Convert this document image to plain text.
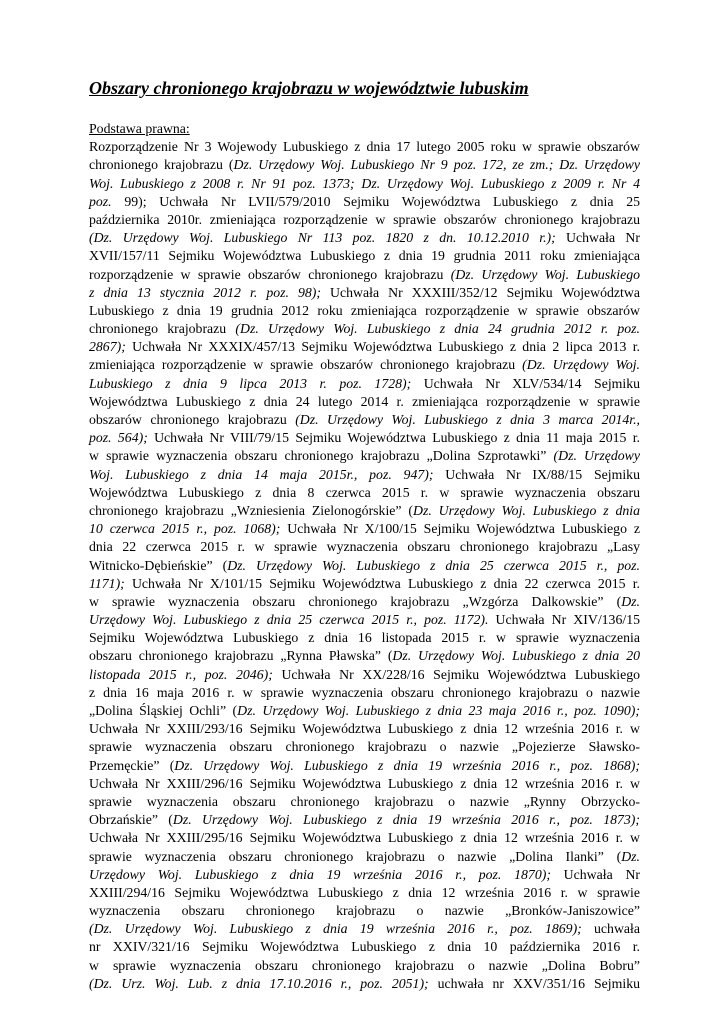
Obszary chronionego krajobrazu w województwie lubuskim
Podstawa prawna:
Rozporządzenie Nr 3 Wojewody Lubuskiego z dnia 17 lutego 2005 roku w sprawie obszarów
chronionego krajobrazu (Dz. Urzędowy Woj. Lubuskiego Nr 9 poz. 172, ze zm.; Dz. Urzędowy
Woj. Lubuskiego z 2008 r. Nr 91 poz. 1373; Dz. Urzędowy Woj. Lubuskiego z 2009 r. Nr 4
poz. 99); Uchwała Nr LVII/579/2010 Sejmiku Województwa Lubuskiego z dnia 25
października 2010r. zmieniająca rozporządzenie w sprawie obszarów chronionego krajobrazu
(Dz. Urzędowy Woj. Lubuskiego Nr 113 poz. 1820 z dn. 10.12.2010 r.); Uchwała Nr
XVII/157/11 Sejmiku Województwa Lubuskiego z dnia 19 grudnia 2011 roku zmieniająca
rozporządzenie w sprawie obszarów chronionego krajobrazu (Dz. Urzędowy Woj. Lubuskiego
z dnia 13 stycznia 2012 r. poz. 98); Uchwała Nr XXXIII/352/12 Sejmiku Województwa
Lubuskiego z dnia 19 grudnia 2012 roku zmieniająca rozporządzenie w sprawie obszarów
chronionego krajobrazu (Dz. Urzędowy Woj. Lubuskiego z dnia 24 grudnia 2012 r. poz.
2867); Uchwała Nr XXXIX/457/13 Sejmiku Województwa Lubuskiego z dnia 2 lipca 2013 r.
zmieniająca rozporządzenie w sprawie obszarów chronionego krajobrazu (Dz. Urzędowy Woj.
Lubuskiego z dnia 9 lipca 2013 r. poz. 1728); Uchwała Nr XLV/534/14 Sejmiku
Województwa Lubuskiego z dnia 24 lutego 2014 r. zmieniająca rozporządzenie w sprawie
obszarów chronionego krajobrazu (Dz. Urzędowy Woj. Lubuskiego z dnia 3 marca 2014r.,
poz. 564); Uchwała Nr VIII/79/15 Sejmiku Województwa Lubuskiego z dnia 11 maja 2015 r.
w sprawie wyznaczenia obszaru chronionego krajobrazu „Dolina Szprotawki” (Dz. Urzędowy
Woj. Lubuskiego z dnia 14 maja 2015r., poz. 947); Uchwała Nr IX/88/15 Sejmiku
Województwa Lubuskiego z dnia 8 czerwca 2015 r. w sprawie wyznaczenia obszaru
chronionego krajobrazu „Wzniesienia Zielonogórskie” (Dz. Urzędowy Woj. Lubuskiego z dnia
10 czerwca 2015 r., poz. 1068); Uchwała Nr X/100/15 Sejmiku Województwa Lubuskiego z
dnia 22 czerwca 2015 r. w sprawie wyznaczenia obszaru chronionego krajobrazu „Lasy
Witnicko-Dębieńskie” (Dz. Urzędowy Woj. Lubuskiego z dnia 25 czerwca 2015 r., poz.
1171); Uchwała Nr X/101/15 Sejmiku Województwa Lubuskiego z dnia 22 czerwca 2015 r.
w sprawie wyznaczenia obszaru chronionego krajobrazu „Wzgórza Dalkowskie” (Dz.
Urzędowy Woj. Lubuskiego z dnia 25 czerwca 2015 r., poz. 1172). Uchwała Nr XIV/136/15
Sejmiku Województwa Lubuskiego z dnia 16 listopada 2015 r. w sprawie wyznaczenia
obszaru chronionego krajobrazu „Rynna Pławska” (Dz. Urzędowy Woj. Lubuskiego z dnia 20
listopada 2015 r., poz. 2046); Uchwała Nr XX/228/16 Sejmiku Województwa Lubuskiego
z dnia 16 maja 2016 r. w sprawie wyznaczenia obszaru chronionego krajobrazu o nazwie
„Dolina Śląskiej Ochli” (Dz. Urzędowy Woj. Lubuskiego z dnia 23 maja 2016 r., poz. 1090);
Uchwała Nr XXIII/293/16 Sejmiku Województwa Lubuskiego z dnia 12 września 2016 r. w
sprawie wyznaczenia obszaru chronionego krajobrazu o nazwie „Pojezierze Sławsko-
Przemęckie” (Dz. Urzędowy Woj. Lubuskiego z dnia 19 września 2016 r., poz. 1868);
Uchwała Nr XXIII/296/16 Sejmiku Województwa Lubuskiego z dnia 12 września 2016 r. w
sprawie wyznaczenia obszaru chronionego krajobrazu o nazwie „Rynny Obrzycko-
Obrzańskie” (Dz. Urzędowy Woj. Lubuskiego z dnia 19 września 2016 r., poz. 1873);
Uchwała Nr XXIII/295/16 Sejmiku Województwa Lubuskiego z dnia 12 września 2016 r. w
sprawie wyznaczenia obszaru chronionego krajobrazu o nazwie „Dolina Ilanki” (Dz.
Urzędowy Woj. Lubuskiego z dnia 19 września 2016 r., poz. 1870); Uchwała Nr
XXIII/294/16 Sejmiku Województwa Lubuskiego z dnia 12 września 2016 r. w sprawie
wyznaczenia obszaru chronionego krajobrazu o nazwie „Bronków-Janiszowice”
(Dz. Urzędowy Woj. Lubuskiego z dnia 19 września 2016 r., poz. 1869); uchwała
nr XXIV/321/16 Sejmiku Województwa Lubuskiego z dnia 10 października 2016 r.
w sprawie wyznaczenia obszaru chronionego krajobrazu o nazwie „Dolina Bobru”
(Dz. Urz. Woj. Lub. z dnia 17.10.2016 r., poz. 2051); uchwała nr XXV/351/16 Sejmiku
